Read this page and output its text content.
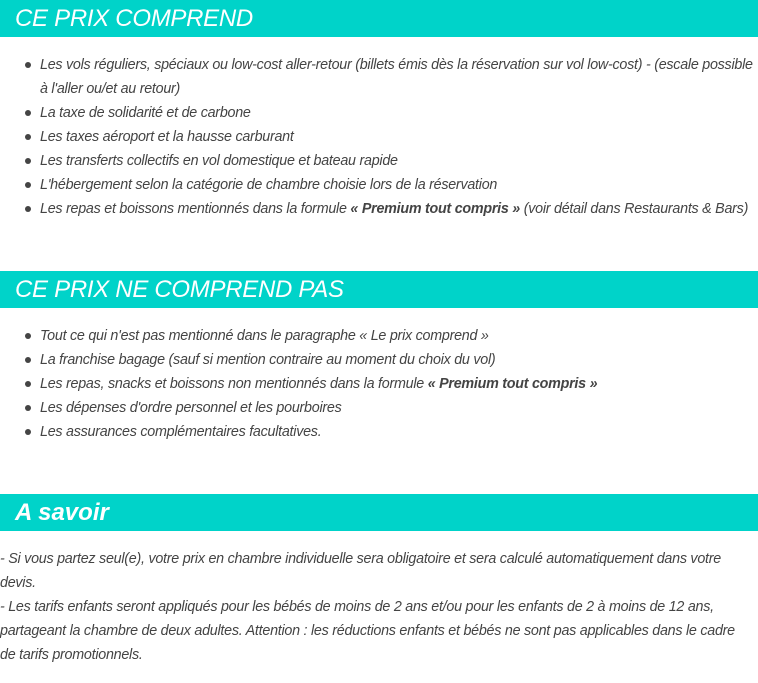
CE PRIX COMPREND
Les vols réguliers, spéciaux ou low-cost aller-retour (billets émis dès la réservation sur vol low-cost) - (escale possible à l'aller ou/et au retour)
La taxe de solidarité et de carbone
Les taxes aéroport et la hausse carburant
Les transferts collectifs en vol domestique et bateau rapide
L'hébergement selon la catégorie de chambre choisie lors de la réservation
Les repas et boissons mentionnés dans la formule « Premium tout compris » (voir détail dans Restaurants & Bars)
CE PRIX NE COMPREND PAS
Tout ce qui n'est pas mentionné dans le paragraphe « Le prix comprend »
La franchise bagage (sauf si mention contraire au moment du choix du vol)
Les repas, snacks et boissons non mentionnés dans la formule « Premium tout compris »
Les dépenses d'ordre personnel et les pourboires
Les assurances complémentaires facultatives.
A savoir

- Si vous partez seul(e), votre prix en chambre individuelle sera obligatoire et sera calculé automatiquement dans votre devis.

- Les tarifs enfants seront appliqués pour les bébés de moins de 2 ans et/ou pour les enfants de 2 à moins de 12 ans, partageant la chambre de deux adultes. Attention : les réductions enfants et bébés ne sont pas applicables dans le cadre de tarifs promotionnels.
